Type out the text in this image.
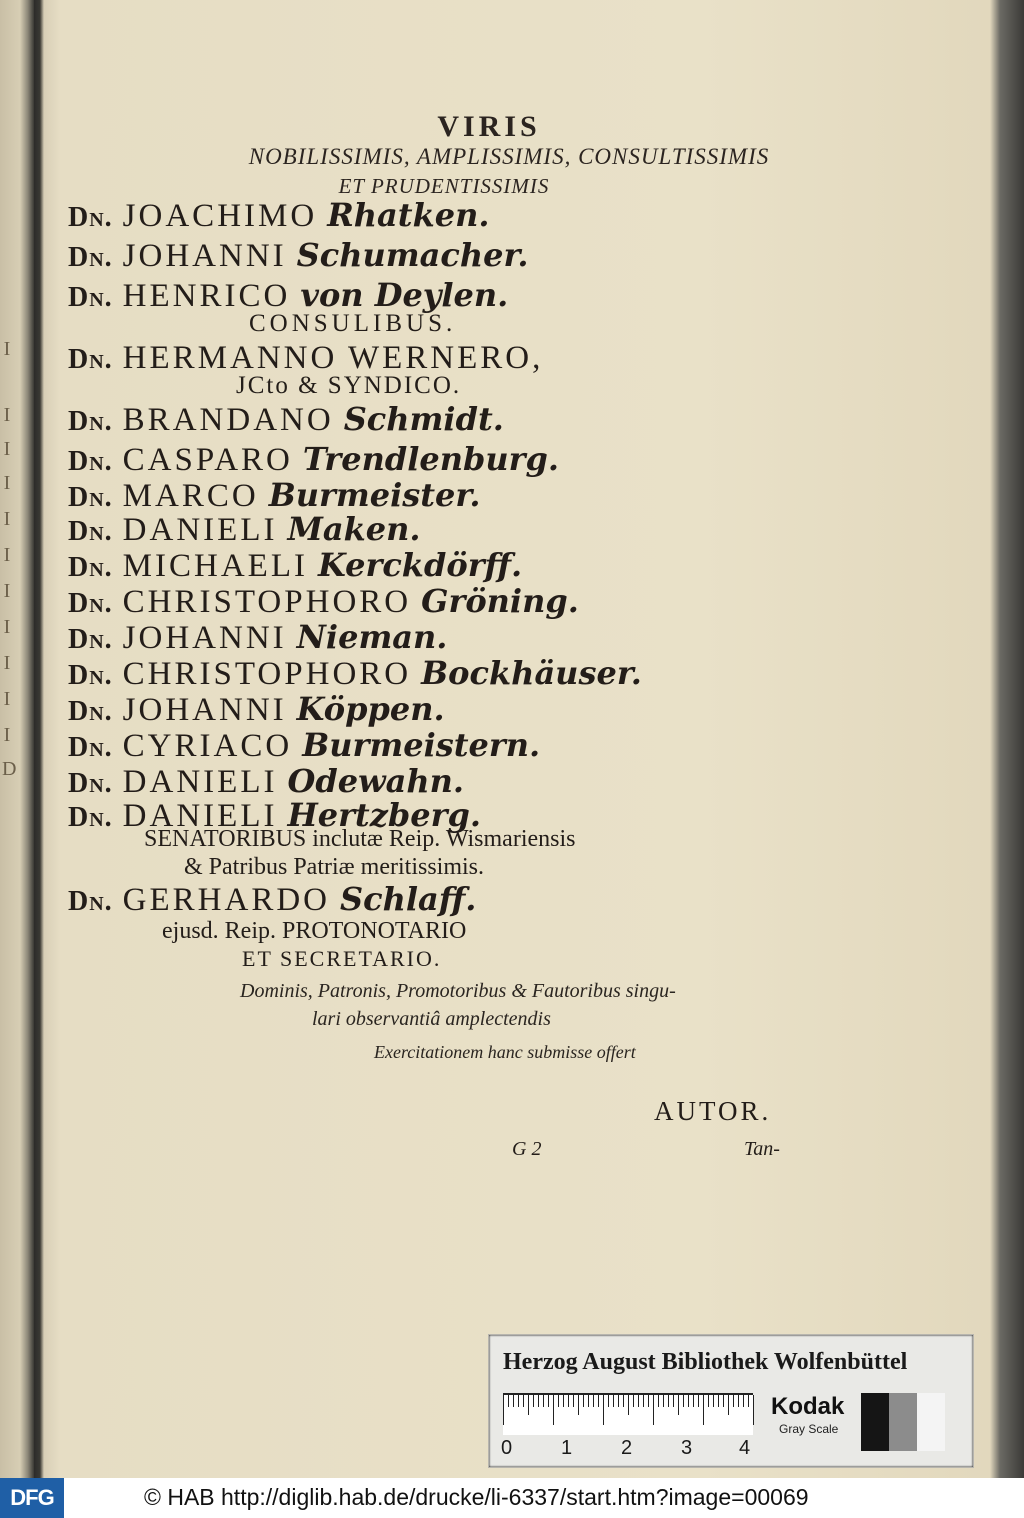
I
I
I
I
I
I
I
I
I
I
I
D
VIRIS
NOBILISSIMIS, AMPLISSIMIS, CONSULTISSIMIS
ET PRUDENTISSIMIS
Dn. JOACHIMO Rhatken.
Dn. JOHANNI Schumacher.
Dn. HENRICO von Deylen.
Dn. HERMANNO WERNERO,
Dn. BRANDANO Schmidt.
Dn. CASPARO Trendlenburg.
Dn. MARCO Burmeister.
Dn. DANIELI Maken.
Dn. MICHAELI Kerckdörff.
Dn. CHRISTOPHORO Gröning.
Dn. JOHANNI Nieman.
Dn. CHRISTOPHORO Bockhäuser.
Dn. JOHANNI Köppen.
Dn. CYRIACO Burmeistern.
Dn. DANIELI Odewahn.
Dn. DANIELI Hertzberg.
Dn. GERHARDO Schlaff.
CONSULIBUS.
JCto & SYNDICO.
SENATORIBUS inclutæ Reip. Wismariensis
& Patribus Patriæ meritissimis.
ejusd. Reip. PROTONOTARIO
ET SECRETARIO.
Dominis, Patronis, Promotoribus & Fautoribus singu-
lari observantiâ amplectendis
Exercitationem hanc submisse offert
AUTOR.
G 2	Tan-
Herzog August Bibliothek Wolfenbüttel
0 1 2 3 4
Kodak
Gray Scale
DFG	© HAB http://diglib.hab.de/drucke/li-6337/start.htm?image=00069
